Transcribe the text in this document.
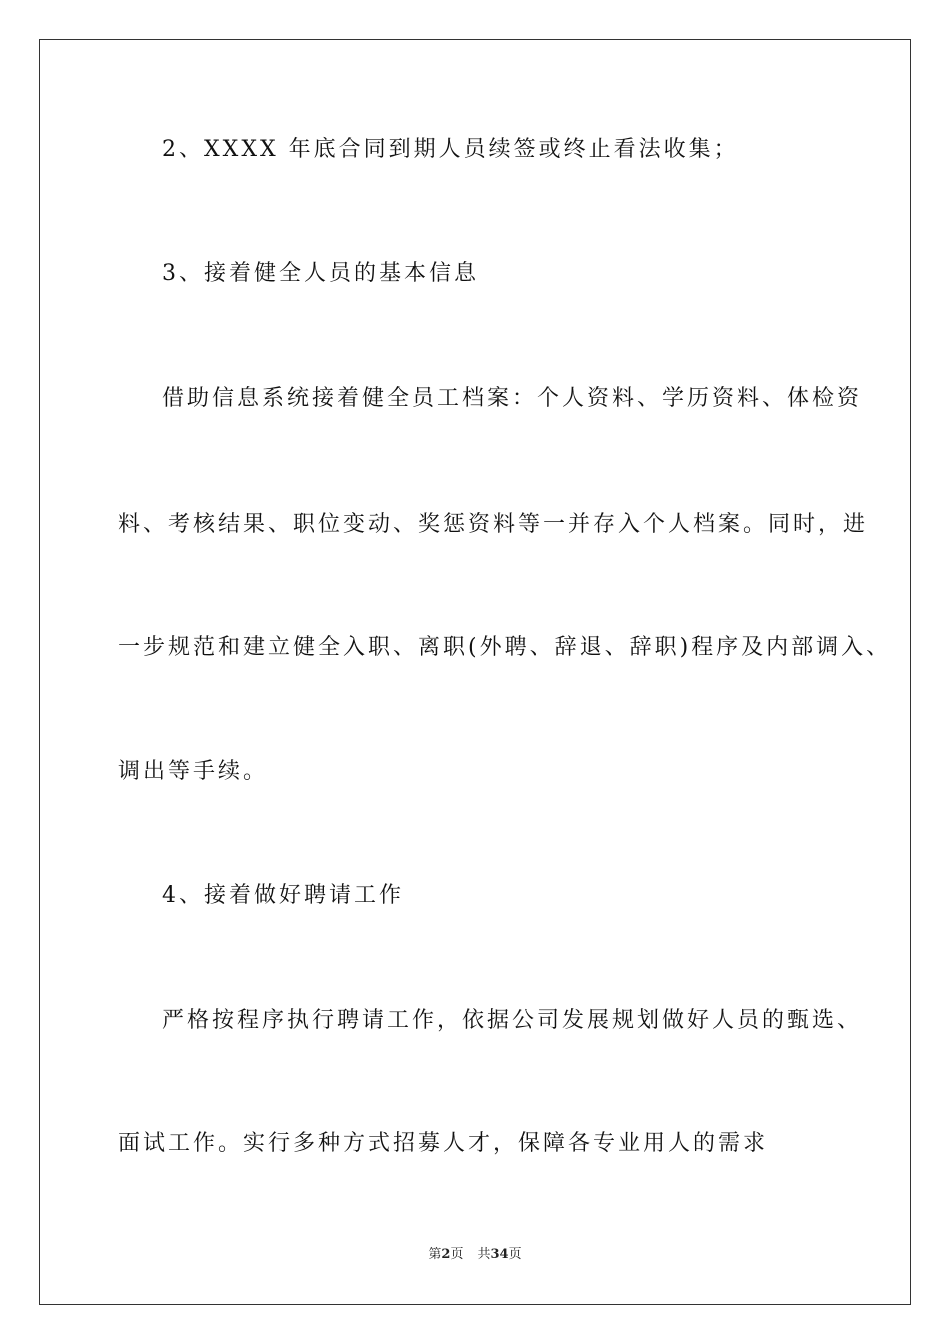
2、XXXX 年底合同到期人员续签或终止看法收集；
3、接着健全人员的基本信息
借助信息系统接着健全员工档案：个人资料、学历资料、体检资
料、考核结果、职位变动、奖惩资料等一并存入个人档案。同时，进
一步规范和建立健全入职、离职(外聘、辞退、辞职)程序及内部调入、
调出等手续。
4、接着做好聘请工作
严格按程序执行聘请工作，依据公司发展规划做好人员的甄选、
面试工作。实行多种方式招募人才，保障各专业用人的需求
第2页 共34页
